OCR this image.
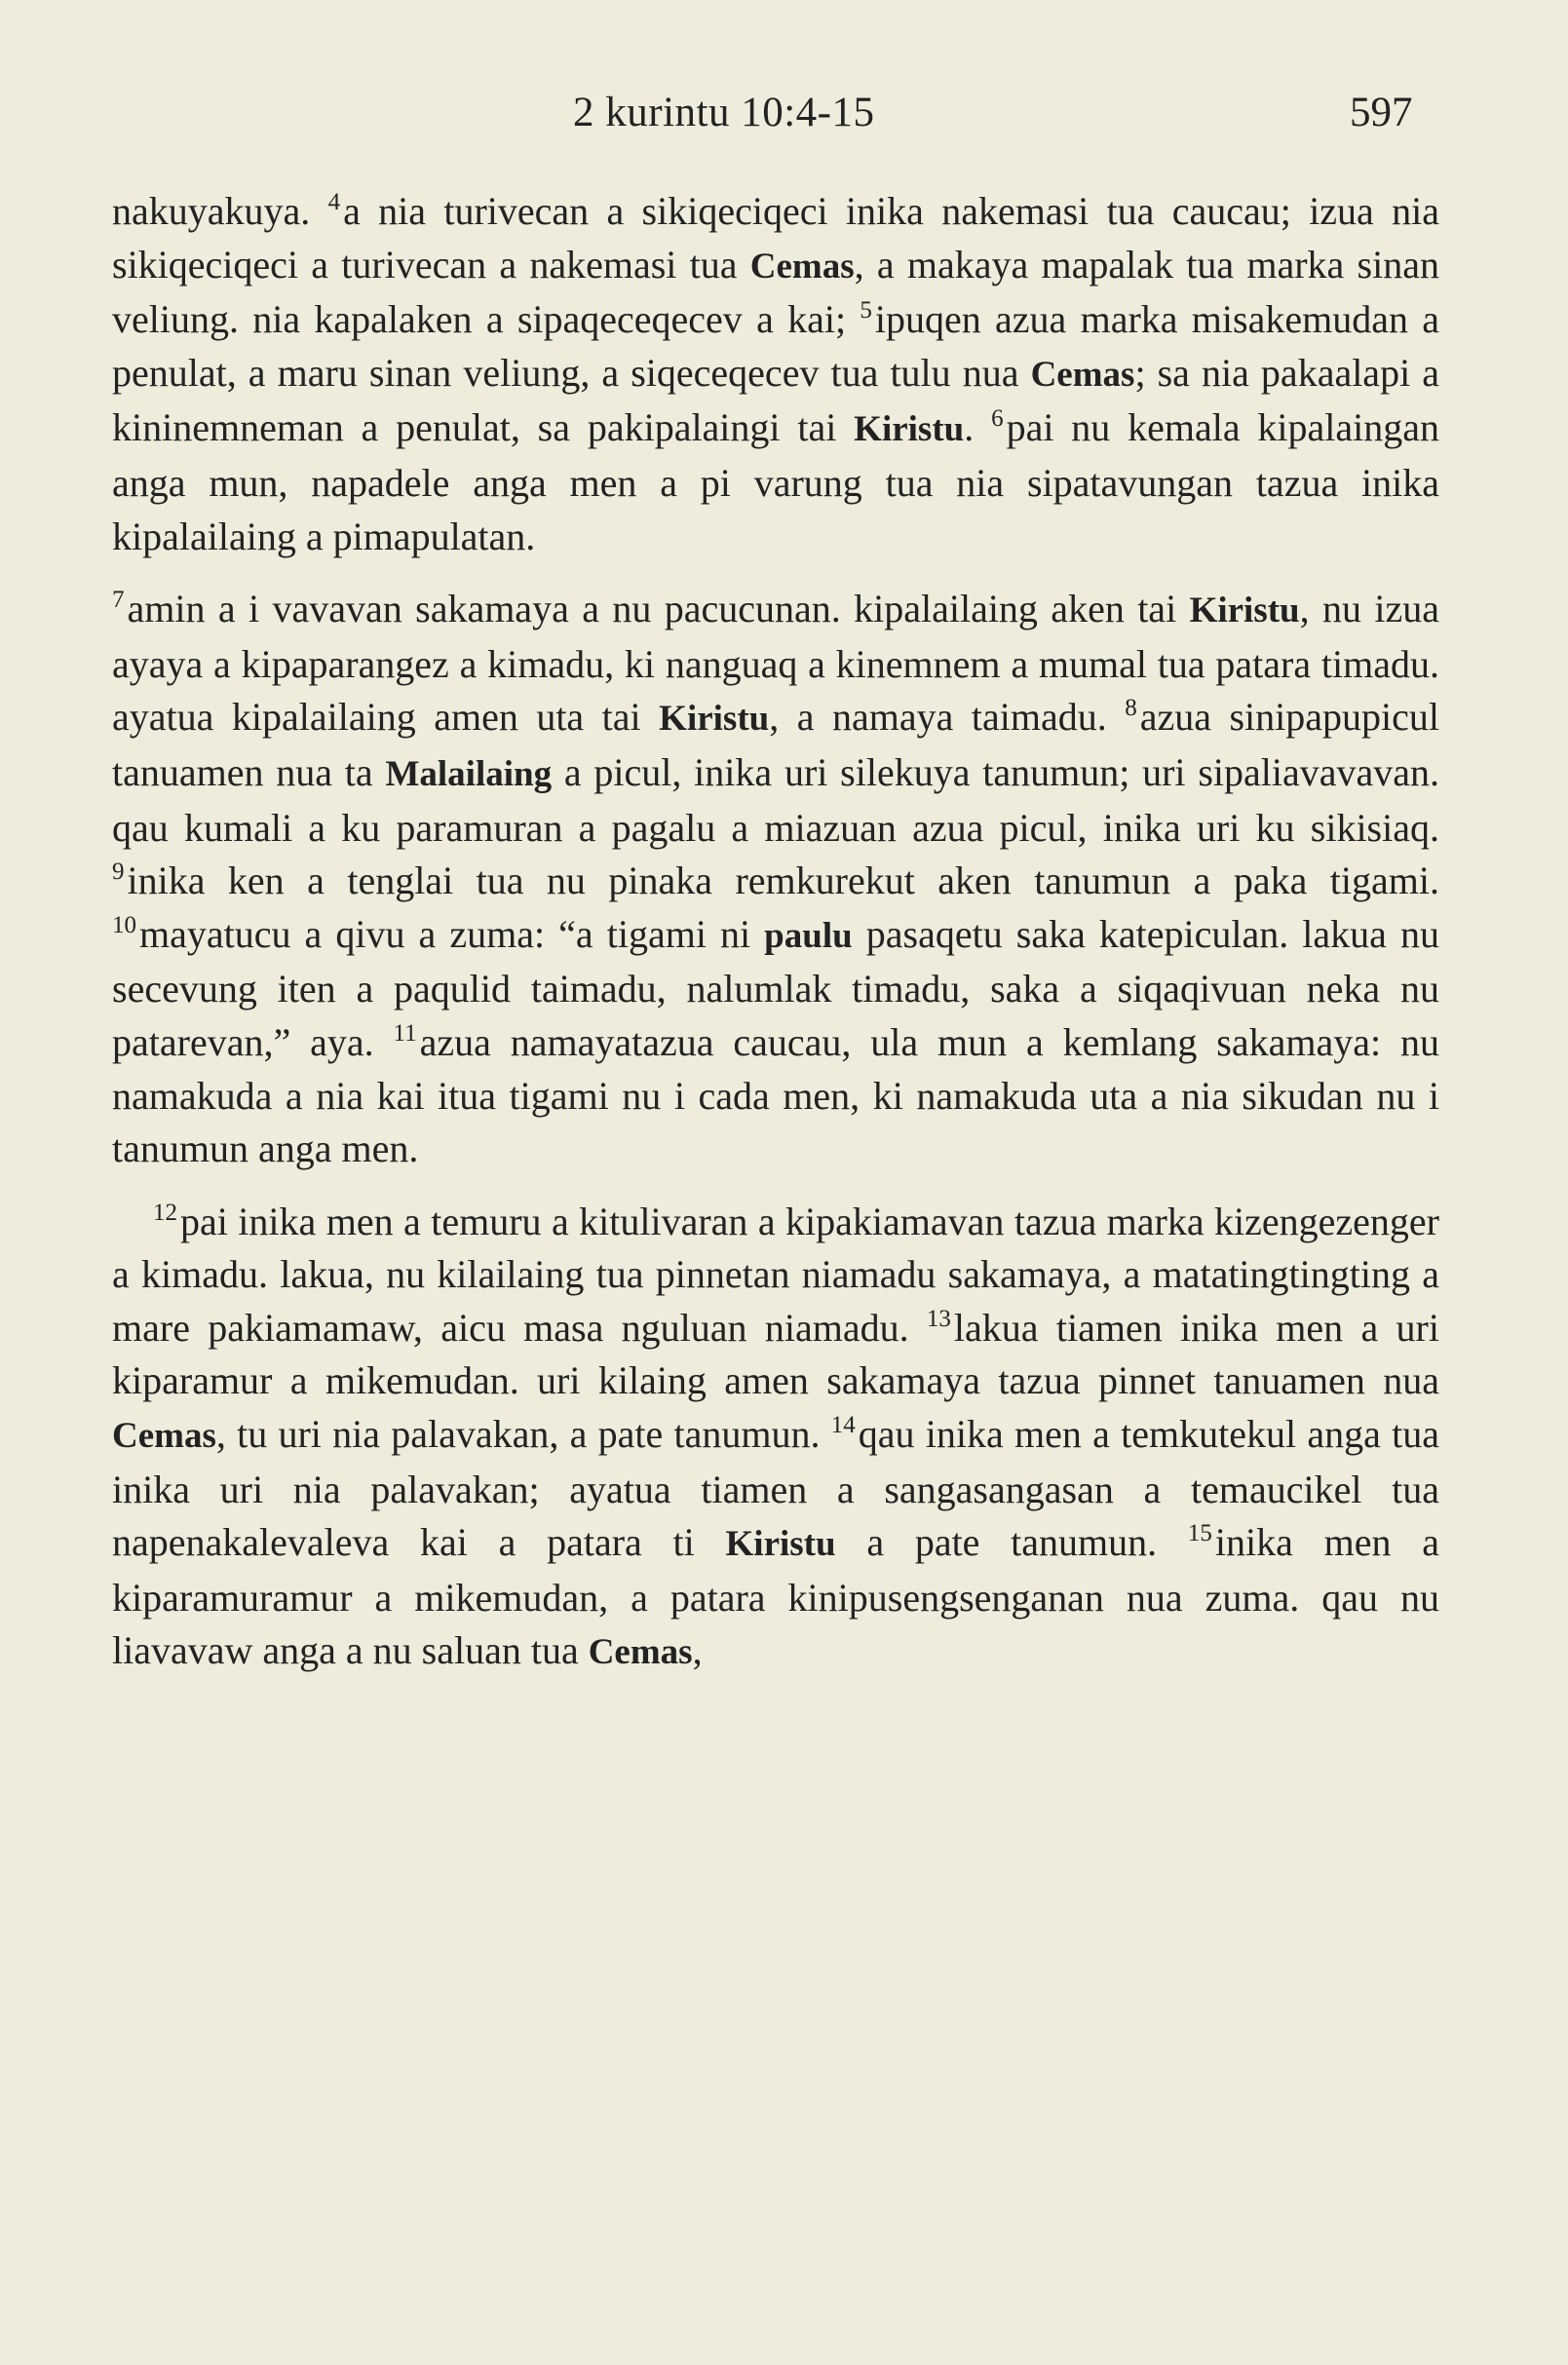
2 kurintu 10:4-15	597

nakuyakuya. $^4$a nia turivecan a sikiqeciqeci inika nakemasi tua caucau; izua nia sikiqeciqeci a turivecan a nakemasi tua Cemas, a makaya mapalak tua marka sinan veliung. nia kapalaken a sipaqeceqecev a kai; $^5$ipuqen azua marka misakemudan a penulat, a maru sinan veliung, a siqeceqecev tua tulu nua Cemas; sa nia pakaalapi a kininemneman a penulat, sa pakipalaingi tai Kiristu. $^6$pai nu kemala kipalaingan anga mun, napadele anga men a pi varung tua nia sipatavungan tazua inika kipalailaing a pimapulatan.

$^7$amin a i vavavan sakamaya a nu pacucunan. kipalailaing aken tai Kiristu, nu izua ayaya a kipaparangez a kimadu, ki nanguaq a kinemnem a mumal tua patara timadu. ayatua kipalailaing amen uta tai Kiristu, a namaya taimadu. $^8$azua sinipapupicul tanuamen nua ta Malailaing a picul, inika uri silekuya tanumun; uri sipaliavavavan. qau kumali a ku paramuran a pagalu a miazuan azua picul, inika uri ku sikisiaq. $^9$inika ken a tenglai tua nu pinaka remkurekut aken tanumun a paka tigami. $^{10}$mayatucu a qivu a zuma: “a tigami ni paulu pasaqetu saka katepiculan. lakua nu secevung iten a paqulid taimadu, nalumlak timadu, saka a siqaqivuan neka nu patarevan,” aya. $^{11}$azua namayatazua caucau, ula mun a kemlang sakamaya: nu namakuda a nia kai itua tigami nu i cada men, ki namakuda uta a nia sikudan nu i tanumun anga men.

$^{12}$pai inika men a temuru a kitulivaran a kipakiamavan tazua marka kizengezenger a kimadu. lakua, nu kilailaing tua pinnetan niamadu sakamaya, a matatingtingting a mare pakiamamaw, aicu masa nguluan niamadu. $^{13}$lakua tiamen inika men a uri kiparamur a mikemudan. uri kilaing amen sakamaya tazua pinnet tanuamen nua Cemas, tu uri nia palavakan, a pate tanumun. $^{14}$qau inika men a temkutekul anga tua inika uri nia palavakan; ayatua tiamen a sangasangasan a temaucikel tua napenakalevaleva kai a patara ti Kiristu a pate tanumun. $^{15}$inika men a kiparamuramur a mikemudan, a patara kinipusengsenganan nua zuma. qau nu liavavaw anga a nu saluan tua Cemas,
